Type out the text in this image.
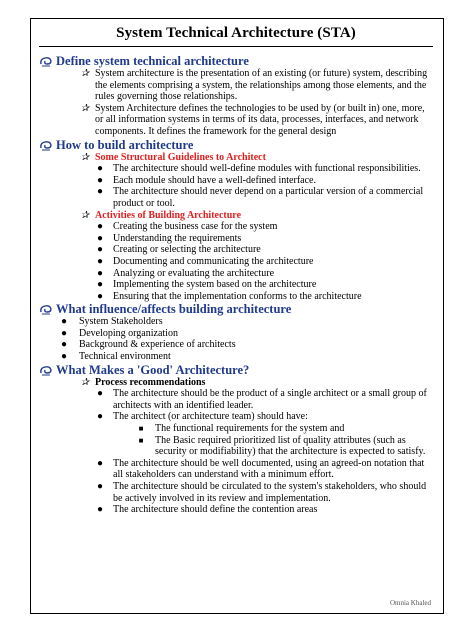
System Technical Architecture (STA)
Define system technical architecture
✰ System architecture is the presentation of an existing (or future) system, describing the elements comprising a system, the relationships among those elements, and the rules governing those relationships.
✰ System Architecture defines the technologies to be used by (or built in) one, more, or all information systems in terms of its data, processes, interfaces, and network components. It defines the framework for the general design
How to build architecture
✰ Some Structural Guidelines to Architect
● The architecture should well-define modules with functional responsibilities.
● Each module should have a well-defined interface.
● The architecture should never depend on a particular version of a commercial product or tool.
✰ Activities of Building Architecture
● Creating the business case for the system
● Understanding the requirements
● Creating or selecting the architecture
● Documenting and communicating the architecture
● Analyzing or evaluating the architecture
● Implementing the system based on the architecture
● Ensuring that the implementation conforms to the architecture
What influence/affects building architecture
● System Stakeholders
● Developing organization
● Background & experience of architects
● Technical environment
What Makes a 'Good' Architecture?
✰ Process recommendations
● The architecture should be the product of a single architect or a small group of architects with an identified leader.
● The architect (or architecture team) should have:
■ The functional requirements for the system and
■ The Basic required prioritized list of quality attributes (such as security or modifiability) that the architecture is expected to satisfy.
● The architecture should be well documented, using an agreed-on notation that all stakeholders can understand with a minimum effort.
● The architecture should be circulated to the system's stakeholders, who should be actively involved in its review and implementation.
● The architecture should define the contention areas
Omnia Khaled
